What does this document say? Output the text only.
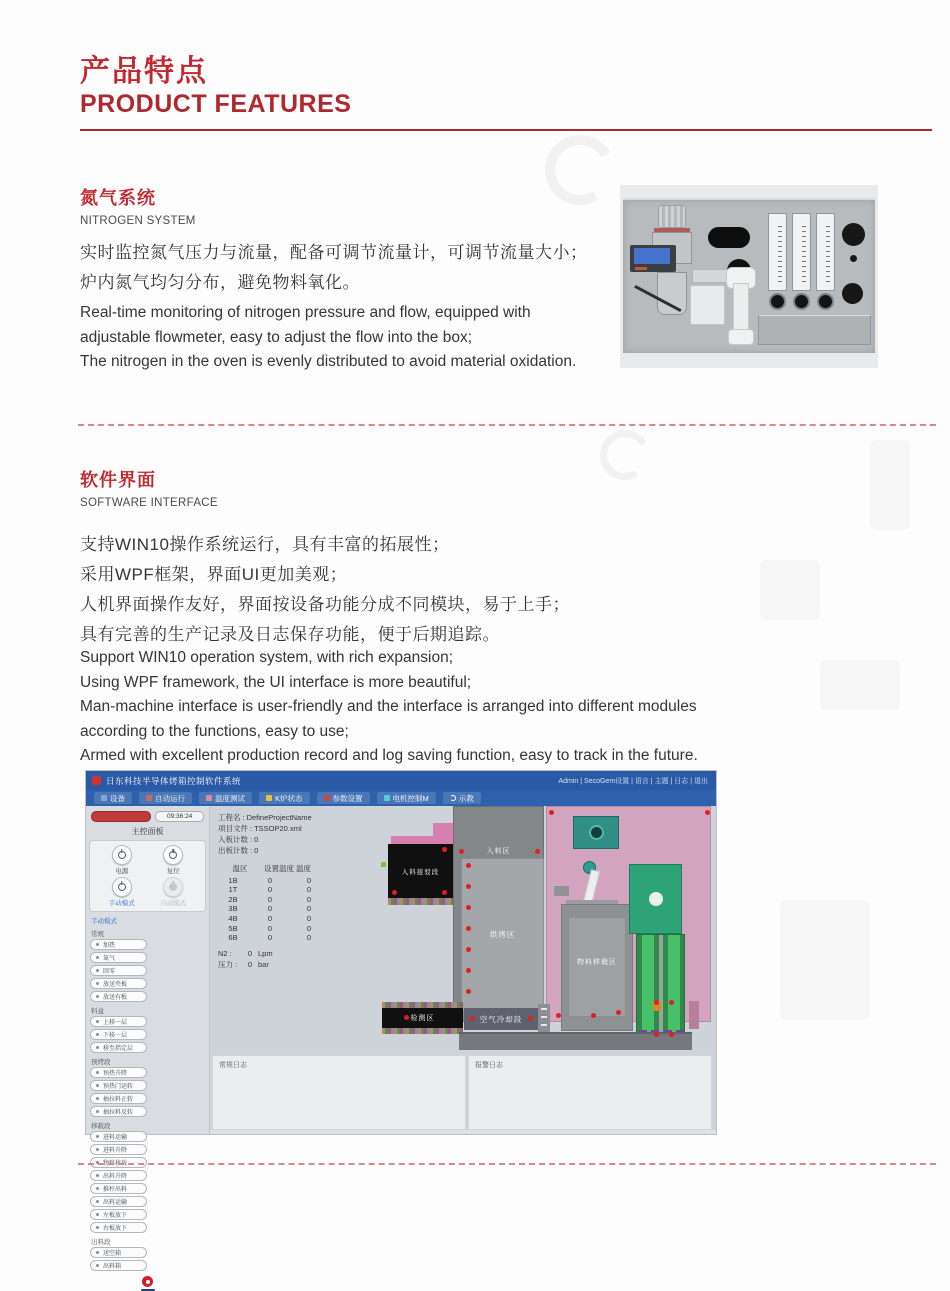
产品特点
PRODUCT FEATURES
氮气系统
NITROGEN SYSTEM
实时监控氮气压力与流量，配备可调节流量计，可调节流量大小；
炉内氮气均匀分布，避免物料氧化。
Real-time monitoring of nitrogen pressure and flow, equipped with
adjustable flowmeter, easy to adjust the flow into the box;
The nitrogen in the oven is evenly distributed to avoid material oxidation.
软件界面
SOFTWARE INTERFACE
支持WIN10操作系统运行，具有丰富的拓展性；
采用WPF框架，界面UI更加美观；
人机界面操作友好，界面按设备功能分成不同模块，易于上手；
具有完善的生产记录及日志保存功能，便于后期追踪。
Support WIN10 operation system, with rich expansion;
Using WPF framework, the UI interface is more beautiful;
Man-machine interface is user-friendly and the interface is arranged into different modules
according to the functions, easy to use;
Armed with excellent production record and log saving function, easy to track in the future.
日东科技半导体烤箱控制软件系统	Admin | SecoGem设置 | 语言 | 主题 | 日志 | 退出
设备	自动运行	温度测试	K炉状态	参数设置	电机控制M	示教
09:36:24
主控面板
电源	复位
手动模式	自动模式
手动模式
常规
加热
氮气
回零
放送夹板
放送有板
料盒
上移一层
下移一层
移至指定层
预烤段
预热升降
预热门运转
抽拉料正转
抽拉料反转
移载段
进料运输
进料升降
物料移载
出料升降
推杆出料
出料运输
左板放下
右板放下
出料段
送空箱
出料箱
工程名 : DefineProjectName
项目文件 : TSSOP20.xml
入板计数 : 0
出板计数 : 0
温区	设置温度 温度
1B	0	0
1T	0	0
2B	0	0
3B	0	0
4B	0	0
5B	0	0
6B	0	0
N2 :	0 Lpm
压力 :	0 bar
入料接驳段
入料区
烘烤区
物料移载区
检测区	空气冷却段
常规日志	报警日志
